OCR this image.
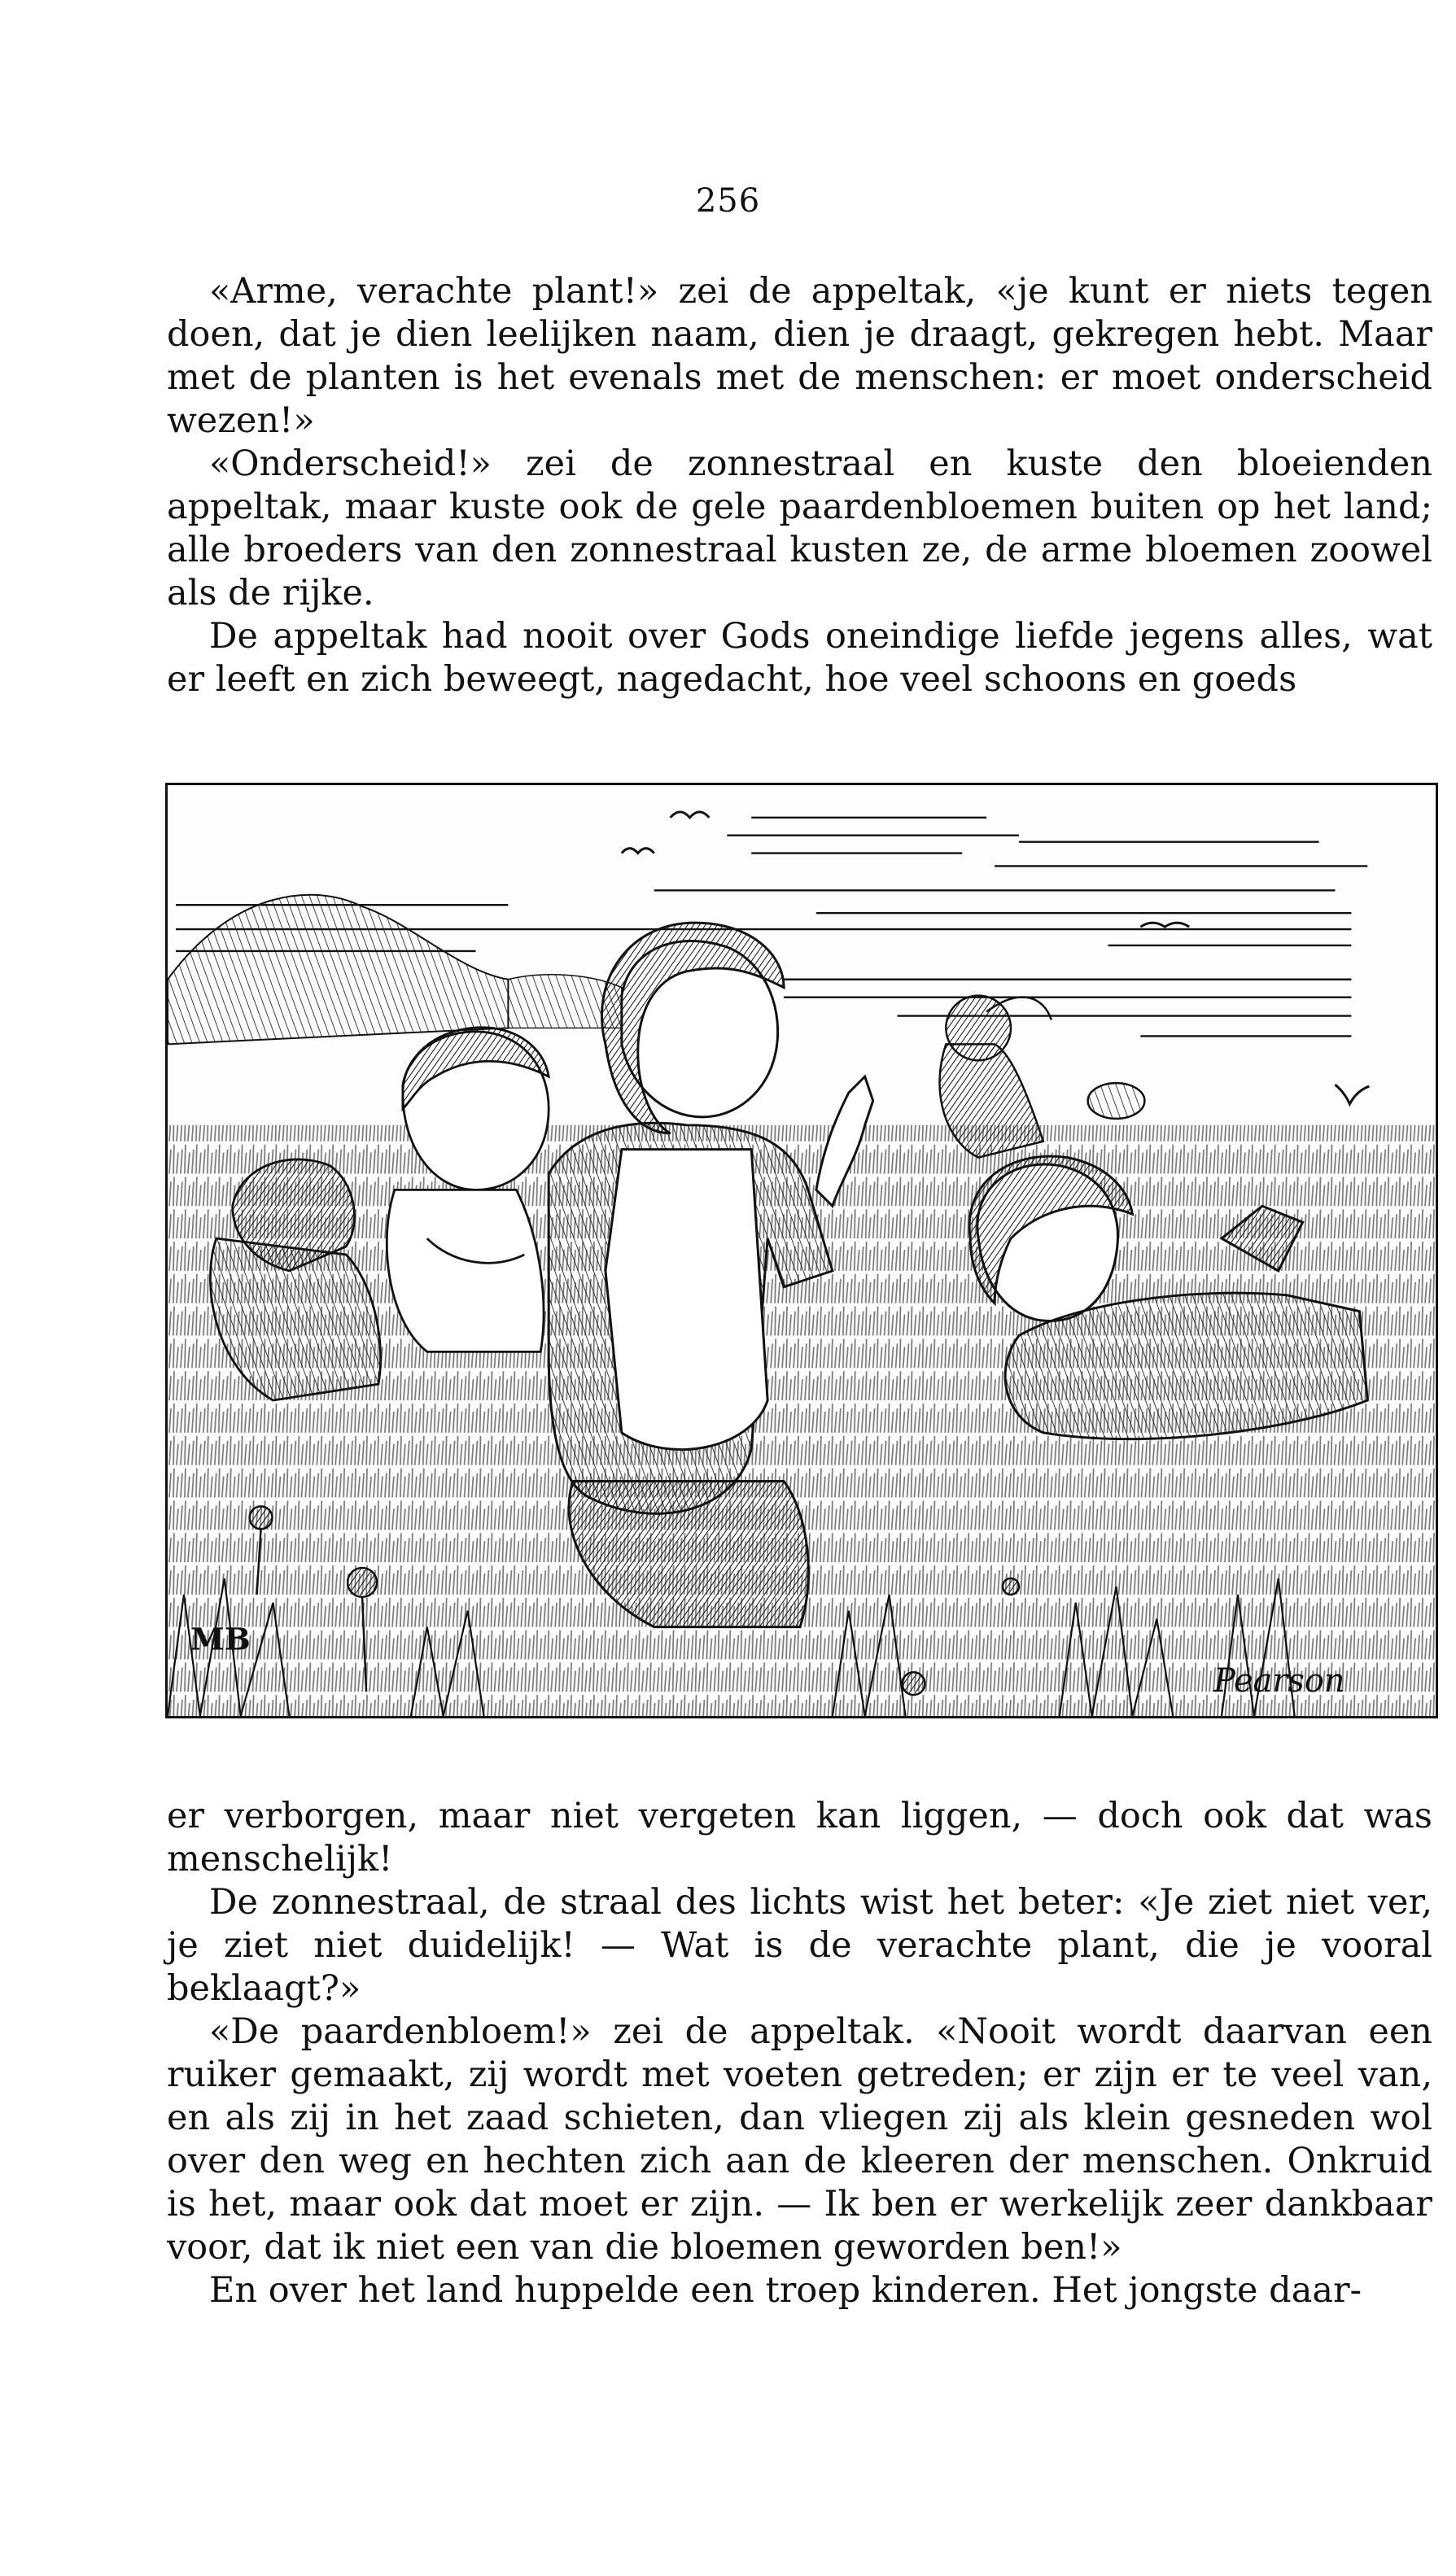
256

«Arme, verachte plant!» zei de appeltak, «je kunt er niets tegen doen, dat je dien leelijken naam, dien je draagt, gekregen hebt. Maar met de planten is het evenals met de menschen: er moet onderscheid wezen!»

«Onderscheid!» zei de zonnestraal en kuste den bloeienden appeltak, maar kuste ook de gele paardenbloemen buiten op het land; alle broeders van den zonnestraal kusten ze, de arme bloemen zoowel als de rijke.

De appeltak had nooit over Gods oneindige liefde jegens alles, wat er leeft en zich beweegt, nagedacht, hoe veel schoons en goeds

MB
Pearson

er verborgen, maar niet vergeten kan liggen, — doch ook dat was menschelijk!

De zonnestraal, de straal des lichts wist het beter: «Je ziet niet ver, je ziet niet duidelijk! — Wat is de verachte plant, die je vooral beklaagt?»

«De paardenbloem!» zei de appeltak. «Nooit wordt daarvan een ruiker gemaakt, zij wordt met voeten getreden; er zijn er te veel van, en als zij in het zaad schieten, dan vliegen zij als klein gesneden wol over den weg en hechten zich aan de kleeren der menschen. Onkruid is het, maar ook dat moet er zijn. — Ik ben er werkelijk zeer dankbaar voor, dat ik niet een van die bloemen geworden ben!»

En over het land huppelde een troep kinderen. Het jongste daar-
